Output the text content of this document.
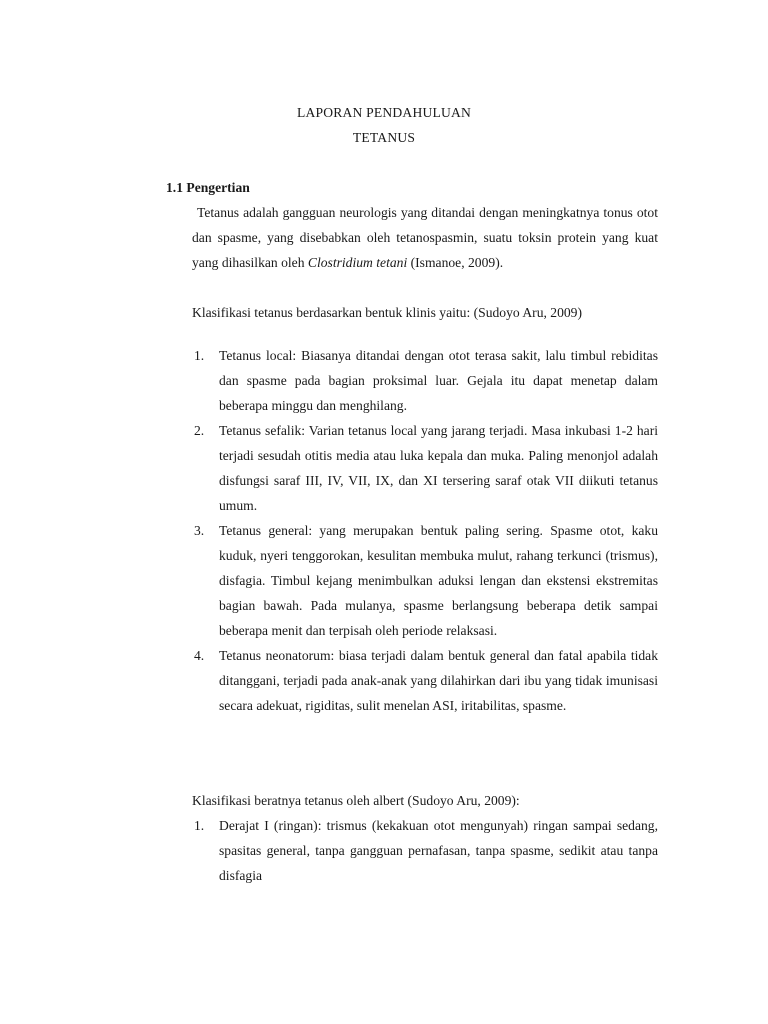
LAPORAN PENDAHULUAN
TETANUS
1.1 Pengertian
Tetanus adalah gangguan neurologis yang ditandai dengan meningkatnya tonus otot dan spasme, yang disebabkan oleh tetanospasmin, suatu toksin protein yang kuat yang dihasilkan oleh Clostridium tetani (Ismanoe, 2009).
Klasifikasi tetanus berdasarkan bentuk klinis yaitu: (Sudoyo Aru, 2009)
1. Tetanus local: Biasanya ditandai dengan otot terasa sakit, lalu timbul rebiditas dan spasme pada bagian proksimal luar. Gejala itu dapat menetap dalam beberapa minggu dan menghilang.
2. Tetanus sefalik: Varian tetanus local yang jarang terjadi. Masa inkubasi 1-2 hari terjadi sesudah otitis media atau luka kepala dan muka. Paling menonjol adalah disfungsi saraf III, IV, VII, IX, dan XI tersering saraf otak VII diikuti tetanus umum.
3. Tetanus general: yang merupakan bentuk paling sering. Spasme otot, kaku kuduk, nyeri tenggorokan, kesulitan membuka mulut, rahang terkunci (trismus), disfagia. Timbul kejang menimbulkan aduksi lengan dan ekstensi ekstremitas bagian bawah. Pada mulanya, spasme berlangsung beberapa detik sampai beberapa menit dan terpisah oleh periode relaksasi.
4. Tetanus neonatorum: biasa terjadi dalam bentuk general dan fatal apabila tidak ditanggani, terjadi pada anak-anak yang dilahirkan dari ibu yang tidak imunisasi secara adekuat, rigiditas, sulit menelan ASI, iritabilitas, spasme.
Klasifikasi beratnya tetanus oleh albert (Sudoyo Aru, 2009):
1. Derajat I (ringan): trismus (kekakuan otot mengunyah) ringan sampai sedang, spasitas general, tanpa gangguan pernafasan, tanpa spasme, sedikit atau tanpa disfagia
